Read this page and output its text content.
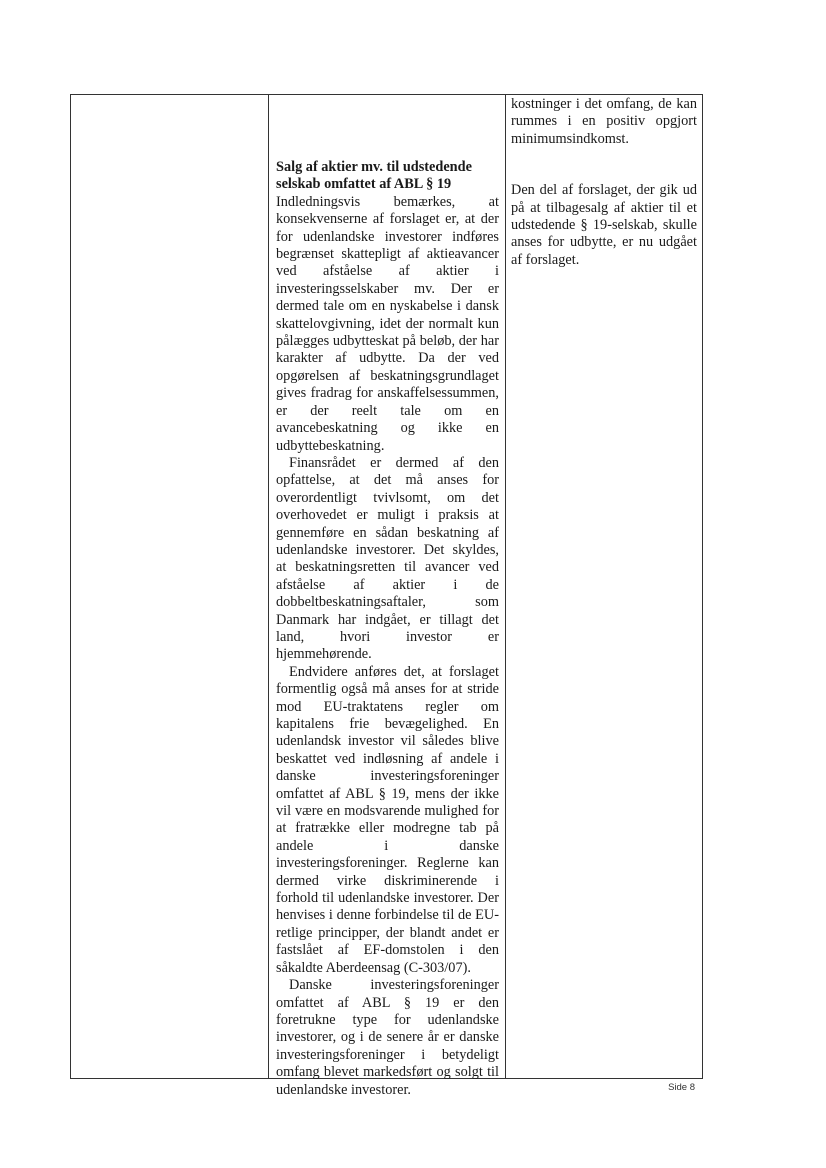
Salg af aktier mv. til udstedende selskab omfattet af ABL § 19

Indledningsvis bemærkes, at konsekvenserne af forslaget er, at der for udenlandske investorer indføres begrænset skattepligt af aktieavancer ved afståelse af aktier i investeringsselskaber mv. Der er dermed tale om en nyskabelse i dansk skattelovgivning, idet der normalt kun pålægges udbytteskat på beløb, der har karakter af udbytte. Da der ved opgørelsen af beskatningsgrundlaget gives fradrag for anskaffelsessummen, er der reelt tale om en avancebeskatning og ikke en udbyttebeskatning.

Finansrådet er dermed af den opfattelse, at det må anses for overordentligt tvivlsomt, om det overhovedet er muligt i praksis at gennemføre en sådan beskatning af udenlandske investorer. Det skyldes, at beskatningsretten til avancer ved afståelse af aktier i de dobbeltbeskatningsaftaler, som Danmark har indgået, er tillagt det land, hvori investor er hjemmehørende.

Endvidere anføres det, at forslaget formentlig også må anses for at stride mod EU-traktatens regler om kapitalens frie bevægelighed. En udenlandsk investor vil således blive beskattet ved indløsning af andele i danske investeringsforeninger omfattet af ABL § 19, mens der ikke vil være en modsvarende mulighed for at fratrække eller modregne tab på andele i danske investeringsforeninger. Reglerne kan dermed virke diskriminerende i forhold til udenlandske investorer. Der henvises i denne forbindelse til de EU-retlige principper, der blandt andet er fastslået af EF-domstolen i den såkaldte Aberdeensag (C-303/07).

Danske investeringsforeninger omfattet af ABL § 19 er den foretrukne type for udenlandske investorer, og i de senere år er danske investeringsforeninger i betydeligt omfang blevet markedsført og solgt til udenlandske investorer.

kostninger i det omfang, de kan rummes i en positiv opgjort minimumsindkomst.

Den del af forslaget, der gik ud på at tilbagesalg af aktier til et udstedende § 19-selskab, skulle anses for udbytte, er nu udgået af forslaget.

Side 8
